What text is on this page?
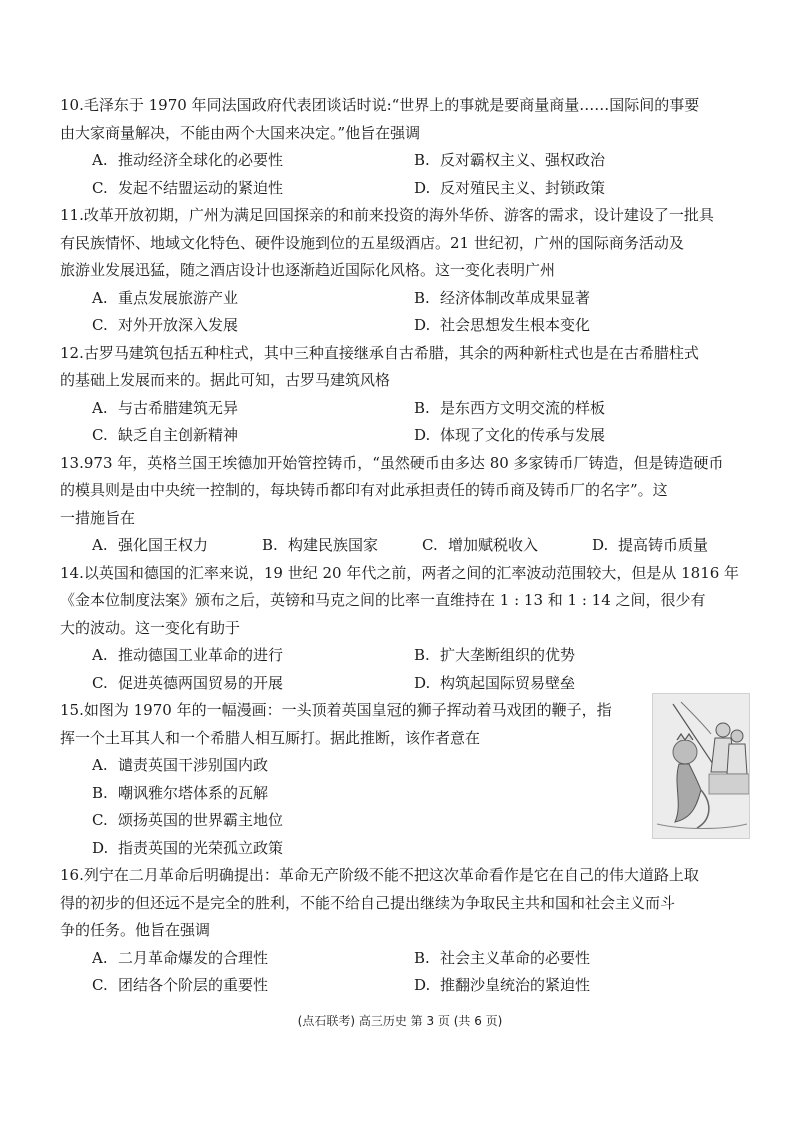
10.毛泽东于 1970 年同法国政府代表团谈话时说:“世界上的事就是要商量商量……国际间的事要
由大家商量解决，不能由两个大国来决定。”他旨在强调
A. 推动经济全球化的必要性	B. 反对霸权主义、强权政治
C. 发起不结盟运动的紧迫性	D. 反对殖民主义、封锁政策
11.改革开放初期，广州为满足回国探亲的和前来投资的海外华侨、游客的需求，设计建设了一批具
有民族情怀、地域文化特色、硬件设施到位的五星级酒店。21 世纪初，广州的国际商务活动及
旅游业发展迅猛，随之酒店设计也逐渐趋近国际化风格。这一变化表明广州
A. 重点发展旅游产业	B. 经济体制改革成果显著
C. 对外开放深入发展	D. 社会思想发生根本变化
12.古罗马建筑包括五种柱式，其中三种直接继承自古希腊，其余的两种新柱式也是在古希腊柱式
的基础上发展而来的。据此可知，古罗马建筑风格
A. 与古希腊建筑无异	B. 是东西方文明交流的样板
C. 缺乏自主创新精神	D. 体现了文化的传承与发展
13.973 年，英格兰国王埃德加开始管控铸币，“虽然硬币由多达 80 多家铸币厂铸造，但是铸造硬币
的模具则是由中央统一控制的，每块铸币都印有对此承担责任的铸币商及铸币厂的名字”。这
一措施旨在
A. 强化国王权力	B. 构建民族国家	C. 增加赋税收入	D. 提高铸币质量
14.以英国和德国的汇率来说，19 世纪 20 年代之前，两者之间的汇率波动范围较大，但是从 1816 年
《金本位制度法案》颁布之后，英镑和马克之间的比率一直维持在 1 : 13 和 1 : 14 之间，很少有
大的波动。这一变化有助于
A. 推动德国工业革命的进行	B. 扩大垄断组织的优势
C. 促进英德两国贸易的开展	D. 构筑起国际贸易壁垒
15.如图为 1970 年的一幅漫画：一头顶着英国皇冠的狮子挥动着马戏团的鞭子，指
挥一个土耳其人和一个希腊人相互厮打。据此推断，该作者意在
A. 谴责英国干涉别国内政
B. 嘲讽雅尔塔体系的瓦解
C. 颂扬英国的世界霸主地位
D. 指责英国的光荣孤立政策
16.列宁在二月革命后明确提出：革命无产阶级不能不把这次革命看作是它在自己的伟大道路上取
得的初步的但还远不是完全的胜利，不能不给自己提出继续为争取民主共和国和社会主义而斗
争的任务。他旨在强调
A. 二月革命爆发的合理性	B. 社会主义革命的必要性
C. 团结各个阶层的重要性	D. 推翻沙皇统治的紧迫性
(点石联考) 高三历史 第 3 页 (共 6 页)
